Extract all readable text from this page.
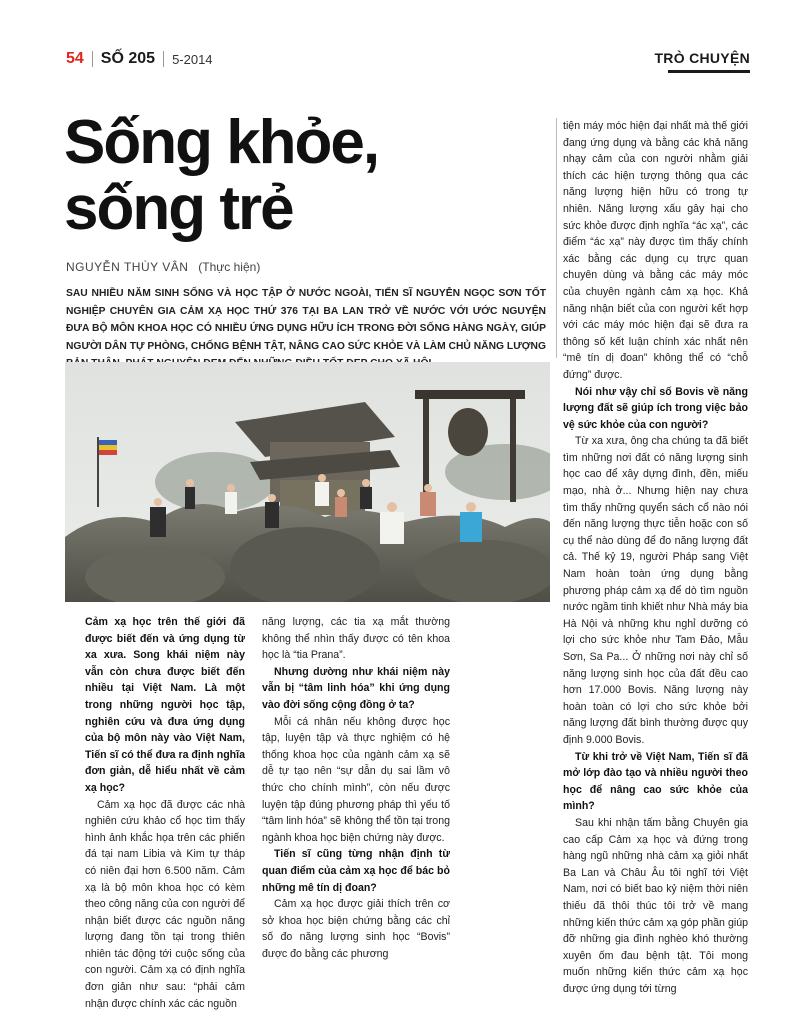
54 SỐ 205 5-2014	TRÒ CHUYỆN
Sống khỏe,
sống trẻ
NGUYỄN THÙY VÂN (Thực hiện)

SAU NHIỀU NĂM SINH SỐNG VÀ HỌC TẬP Ở NƯỚC NGOÀI, TIẾN SĨ NGUYỄN NGỌC SƠN TỐT NGHIỆP CHUYÊN GIA CẢM XẠ HỌC THỨ 376 TẠI BA LAN TRỞ VỀ NƯỚC VỚI ƯỚC NGUYỆN ĐƯA BỘ MÔN KHOA HỌC CÓ NHIỀU ỨNG DỤNG HỮU ÍCH TRONG ĐỜI SỐNG HÀNG NGÀY, GIÚP NGƯỜI DÂN TỰ PHÒNG, CHỐNG BỆNH TẬT, NÂNG CAO SỨC KHỎE VÀ LÀM CHỦ NĂNG LƯỢNG

Cảm xạ học trên thế giới đã được biết đến và ứng dụng từ xa xưa. Song khái niệm này vẫn còn chưa được biết đến nhiều tại Việt Nam. Là một trong những người học tập, nghiên cứu và đưa ứng dụng của bộ môn này vào Việt Nam, Tiến sĩ có thể đưa ra định nghĩa đơn giản, dễ hiểu nhất về cảm xạ học?

Cảm xạ học đã được các nhà nghiên cứu khảo cổ học tìm thấy hình ảnh khắc họa trên các phiến đá tại nam Libia và Kim tự tháp có niên đại hơn 6.500 năm. Cảm xạ là bộ môn khoa học có kèm theo công năng của con người để nhận biết được các nguồn năng lượng đang tồn tại trong thiên nhiên tác động tới cuộc sống của con người. Cảm xạ có định nghĩa đơn giản như sau: “phải cảm nhận được chính xác các nguồn

năng lượng, các tia xạ mắt thường không thể nhìn thấy được có tên khoa học là “tia Prana”.

Nhưng dường như khái niệm này vẫn bị “tâm linh hóa” khi ứng dụng vào đời sống cộng đồng ở ta?

Mỗi cá nhân nếu không được học tập, luyện tập và thực nghiệm có hệ thống khoa học của ngành cảm xạ sẽ dễ tự tạo nên “sự dẫn dụ sai lầm vô thức cho chính mình”, còn nếu được luyện tập đúng phương pháp thì yếu tố “tâm linh hóa” sẽ không thể tồn tại trong ngành khoa học biện chứng này được.

Tiến sĩ cũng từng nhận định từ quan điểm của cảm xạ học để bác bỏ những mê tín dị đoan?

Cảm xạ học được giải thích trên cơ sở khoa học biện chứng bằng các chỉ số đo năng lượng sinh học “Bovis” được đo bằng các phương

tiện máy móc hiện đại nhất mà thế giới đang ứng dụng và bằng các khả năng nhạy cảm của con người nhằm giải thích các hiện tượng thông qua các năng lượng hiện hữu có trong tự nhiên. Năng lượng xấu gây hại cho sức khỏe được định nghĩa “ác xạ”, các điểm “ác xạ” này được tìm thấy chính xác bằng các dụng cụ trực quan chuyên dùng và bằng các máy móc của chuyên ngành cảm xạ học. Khả năng nhận biết của con người kết hợp với các máy móc hiện đại sẽ đưa ra thông số kết luận chính xác nhất nên “mê tín dị đoan” không thể có “chỗ đứng” được.

Nói như vậy chỉ số Bovis về năng lượng đất sẽ giúp ích trong việc bảo vệ sức khỏe của con người?

Từ xa xưa, ông cha chúng ta đã biết tìm những nơi đất có năng lượng sinh học cao để xây dựng đình, đền, miếu mạo, nhà ở... Nhưng hiện nay chưa tìm thấy những quyển sách cổ nào nói đến năng lượng thực tiễn hoặc con số cụ thể nào dùng để đo năng lượng đất cả. Thế kỷ 19, người Pháp sang Việt Nam hoàn toàn ứng dụng bằng phương pháp cảm xạ để dò tìm nguồn nước ngầm tinh khiết như Nhà máy bia Hà Nội và những khu nghỉ dưỡng có lợi cho sức khỏe như Tam Đảo, Mẫu Sơn, Sa Pa... Ở những nơi này chỉ số năng lượng sinh học của đất đều cao hơn 17.000 Bovis. Năng lượng này hoàn toàn có lợi cho sức khỏe bởi năng lượng đất bình thường được quy định 9.000 Bovis.

Từ khi trở về Việt Nam, Tiến sĩ đã mở lớp đào tạo và nhiều người theo học để nâng cao sức khỏe của mình?

Sau khi nhận tấm bằng Chuyên gia cao cấp Cảm xạ học và đứng trong hàng ngũ những nhà cảm xạ giỏi nhất Ba Lan và Châu Âu tôi nghĩ tới Việt Nam, nơi có biết bao kỷ niệm thời niên thiếu đã thôi thúc tôi trở về mang những kiến thức cảm xạ góp phần giúp đỡ những gia đình nghèo khó thường xuyên ốm đau bệnh tật. Tôi mong muốn những kiến thức cảm xạ học được ứng dụng tới từng
